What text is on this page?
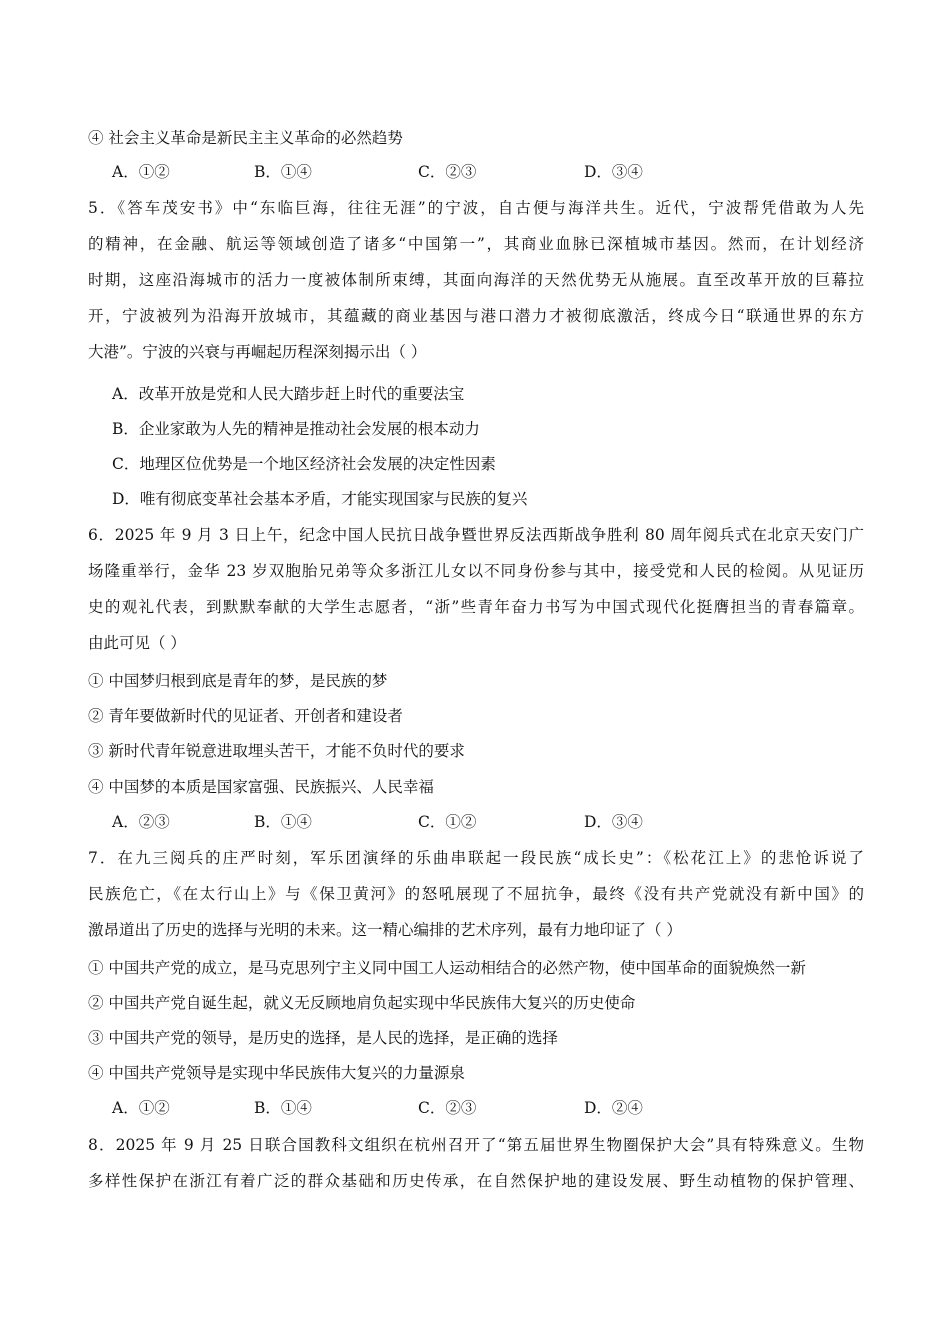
④ 社会主义革命是新民主主义革命的必然趋势
A．①②	B．①④	C．②③	D．③④
5．《答车茂安书》中“东临巨海，往往无涯”的宁波，自古便与海洋共生。近代，宁波帮凭借敢为人先
的精神，在金融、航运等领域创造了诸多“中国第一”，其商业血脉已深植城市基因。然而，在计划经济
时期，这座沿海城市的活力一度被体制所束缚，其面向海洋的天然优势无从施展。直至改革开放的巨幕拉
开，宁波被列为沿海开放城市，其蕴藏的商业基因与港口潜力才被彻底激活，终成今日“联通世界的东方
大港”。宁波的兴衰与再崛起历程深刻揭示出（ ）
A．改革开放是党和人民大踏步赶上时代的重要法宝
B．企业家敢为人先的精神是推动社会发展的根本动力
C．地理区位优势是一个地区经济社会发展的决定性因素
D．唯有彻底变革社会基本矛盾，才能实现国家与民族的复兴
6．2025 年 9 月 3 日上午，纪念中国人民抗日战争暨世界反法西斯战争胜利 80 周年阅兵式在北京天安门广
场隆重举行，金华 23 岁双胞胎兄弟等众多浙江儿女以不同身份参与其中，接受党和人民的检阅。从见证历
史的观礼代表，到默默奉献的大学生志愿者，“浙”些青年奋力书写为中国式现代化挺膺担当的青春篇章。
由此可见（ ）
① 中国梦归根到底是青年的梦，是民族的梦
② 青年要做新时代的见证者、开创者和建设者
③ 新时代青年锐意进取埋头苦干，才能不负时代的要求
④ 中国梦的本质是国家富强、民族振兴、人民幸福
A．②③	B．①④	C．①②	D．③④
7．在九三阅兵的庄严时刻，军乐团演绎的乐曲串联起一段民族“成长史”：《松花江上》的悲怆诉说了
民族危亡，《在太行山上》与《保卫黄河》的怒吼展现了不屈抗争，最终《没有共产党就没有新中国》的
激昂道出了历史的选择与光明的未来。这一精心编排的艺术序列，最有力地印证了（ ）
① 中国共产党的成立，是马克思列宁主义同中国工人运动相结合的必然产物，使中国革命的面貌焕然一新
② 中国共产党自诞生起，就义无反顾地肩负起实现中华民族伟大复兴的历史使命
③ 中国共产党的领导，是历史的选择，是人民的选择，是正确的选择
④ 中国共产党领导是实现中华民族伟大复兴的力量源泉
A．①②	B．①④	C．②③	D．②④
8．2025 年 9 月 25 日联合国教科文组织在杭州召开了“第五届世界生物圈保护大会”具有特殊意义。生物
多样性保护在浙江有着广泛的群众基础和历史传承，在自然保护地的建设发展、野生动植物的保护管理、
